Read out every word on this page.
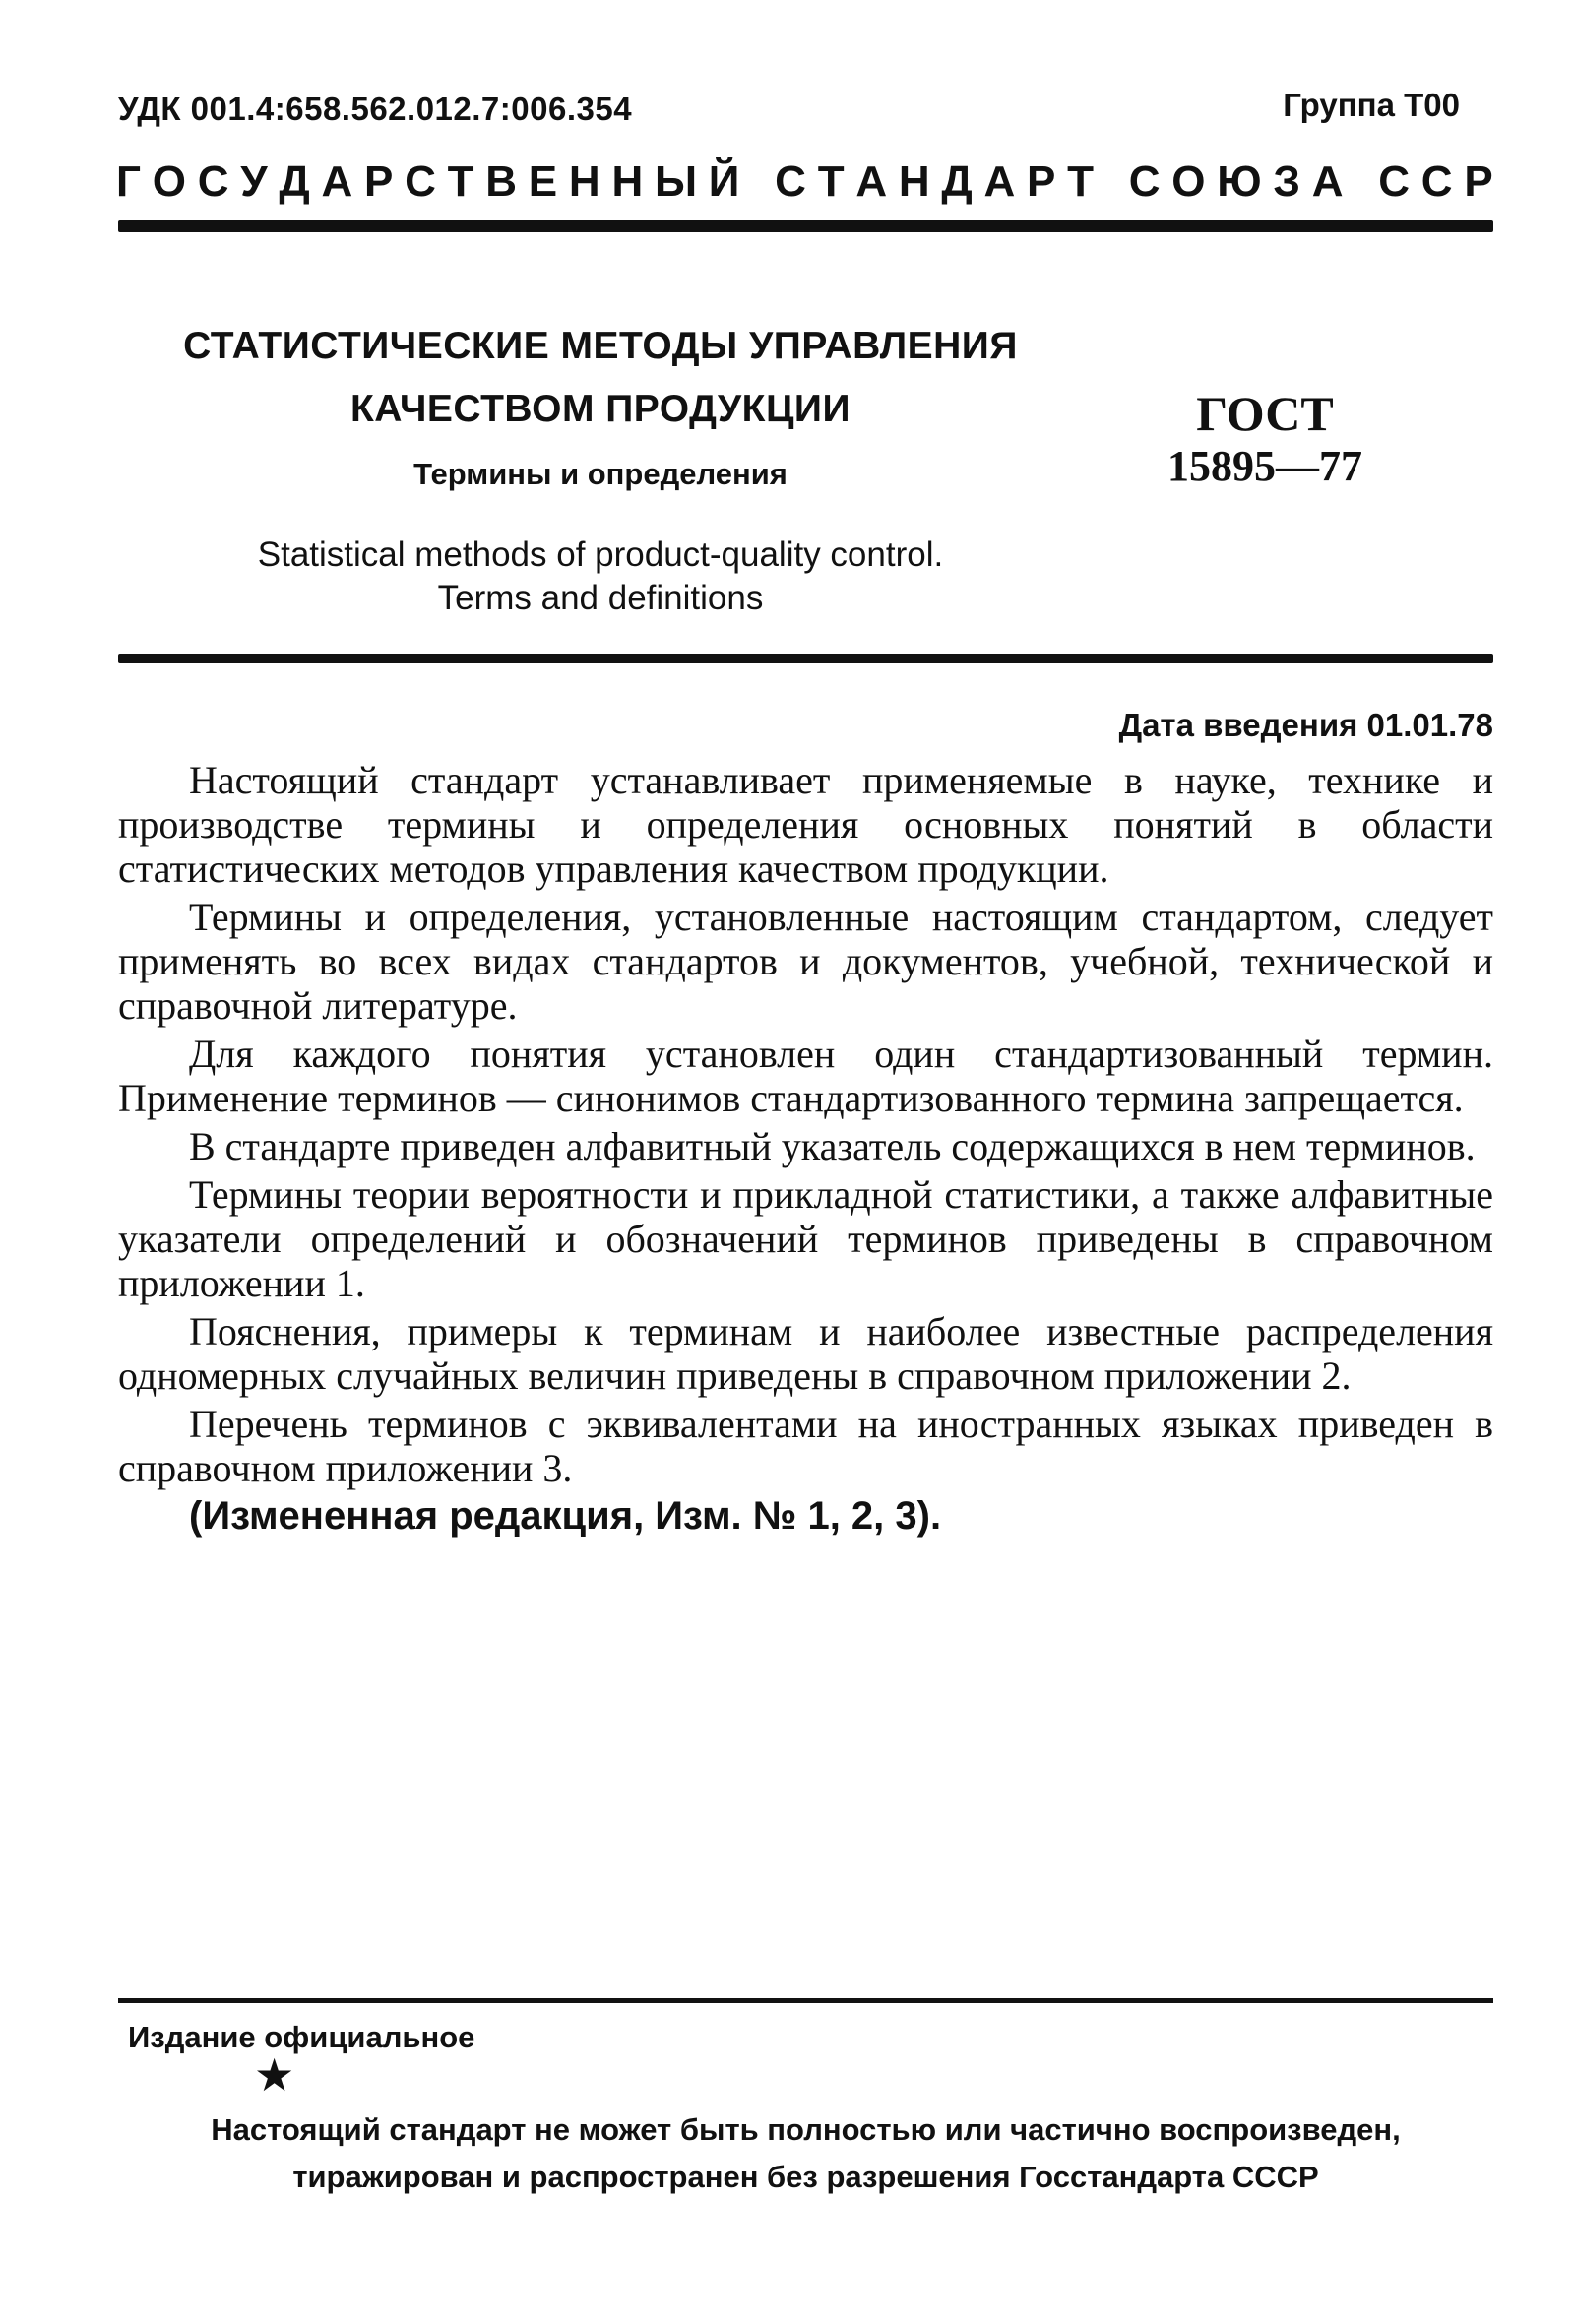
УДК 001.4:658.562.012.7:006.354	Группа Т00
Г О С У Д А Р С Т В Е Н Н Ы Й
С Т А Н Д А Р Т
С О Ю З А
С С Р
СТАТИСТИЧЕСКИЕ МЕТОДЫ УПРАВЛЕНИЯ
КАЧЕСТВОМ ПРОДУКЦИИ
Термины и определения
ГОСТ
15895—77
Statistical methods of product-quality control.
Terms and definitions
Дата введения 01.01.78

Настоящий стандарт устанавливает применяемые в науке, технике и производстве термины и определения основных понятий в области статистических методов управления качеством продукции.

Термины и определения, установленные настоящим стандартом, следует применять во всех видах стандартов и документов, учебной, технической и справочной литературе.

Для каждого понятия установлен один стандартизованный термин. Применение терминов — синонимов стандартизованного термина запрещается.

В стандарте приведен алфавитный указатель содержащихся в нем терминов.

Термины теории вероятности и прикладной статистики, а также алфавитные указатели определений и обозначений терминов приведены в справочном приложении 1.

Пояснения, примеры к терминам и наиболее известные распределения одномерных случайных величин приведены в справочном приложении 2.

Перечень терминов с эквивалентами на иностранных языках приведен в справочном приложении 3.

(Измененная редакция, Изм. № 1, 2, 3).

Издание официальное
★
Настоящий стандарт не может быть полностью или частично воспроизведен,
тиражирован и распространен без разрешения Госстандарта СССР
